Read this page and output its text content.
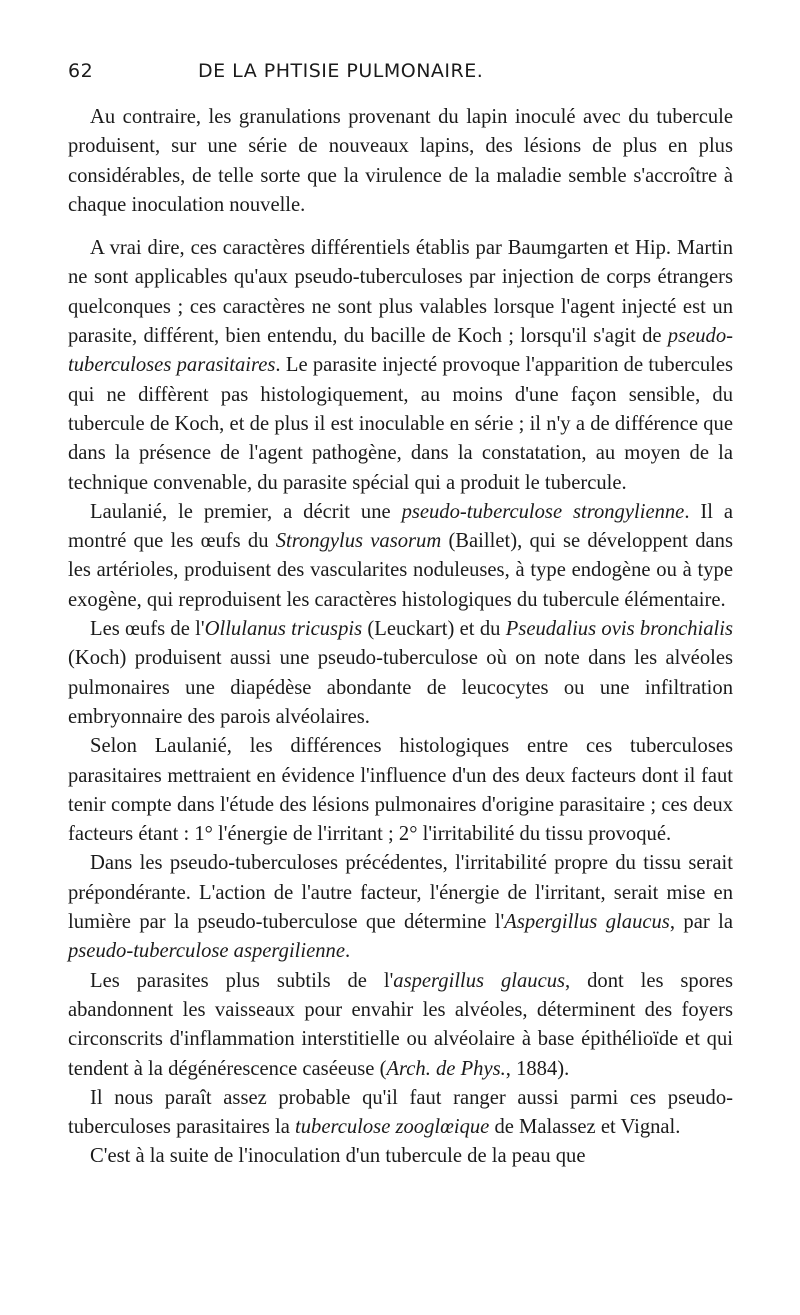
62	DE LA PHTISIE PULMONAIRE.

Au contraire, les granulations provenant du lapin inoculé avec du tubercule produisent, sur une série de nouveaux lapins, des lésions de plus en plus considérables, de telle sorte que la virulence de la maladie semble s'accroître à chaque inoculation nouvelle.

A vrai dire, ces caractères différentiels établis par Baumgarten et Hip. Martin ne sont applicables qu'aux pseudo-tuberculoses par injection de corps étrangers quelconques ; ces caractères ne sont plus valables lorsque l'agent injecté est un parasite, différent, bien entendu, du bacille de Koch ; lorsqu'il s'agit de pseudo-tuberculoses parasitaires. Le parasite injecté provoque l'apparition de tubercules qui ne diffèrent pas histologiquement, au moins d'une façon sensible, du tubercule de Koch, et de plus il est inoculable en série ; il n'y a de différence que dans la présence de l'agent pathogène, dans la constatation, au moyen de la technique convenable, du parasite spécial qui a produit le tubercule.

Laulanié, le premier, a décrit une pseudo-tuberculose strongylienne. Il a montré que les œufs du Strongylus vasorum (Baillet), qui se développent dans les artérioles, produisent des vascularites noduleuses, à type endogène ou à type exogène, qui reproduisent les caractères histologiques du tubercule élémentaire.

Les œufs de l'Ollulanus tricuspis (Leuckart) et du Pseudalius ovis bronchialis (Koch) produisent aussi une pseudo-tuberculose où on note dans les alvéoles pulmonaires une diapédèse abondante de leucocytes ou une infiltration embryonnaire des parois alvéolaires.

Selon Laulanié, les différences histologiques entre ces tuberculoses parasitaires mettraient en évidence l'influence d'un des deux facteurs dont il faut tenir compte dans l'étude des lésions pulmonaires d'origine parasitaire ; ces deux facteurs étant : 1° l'énergie de l'irritant ; 2° l'irritabilité du tissu provoqué.

Dans les pseudo-tuberculoses précédentes, l'irritabilité propre du tissu serait prépondérante. L'action de l'autre facteur, l'énergie de l'irritant, serait mise en lumière par la pseudo-tuberculose que détermine l'Aspergillus glaucus, par la pseudo-tuberculose aspergilienne.

Les parasites plus subtils de l'aspergillus glaucus, dont les spores abandonnent les vaisseaux pour envahir les alvéoles, déterminent des foyers circonscrits d'inflammation interstitielle ou alvéolaire à base épithélioïde et qui tendent à la dégénérescence caséeuse (Arch. de Phys., 1884).

Il nous paraît assez probable qu'il faut ranger aussi parmi ces pseudo-tuberculoses parasitaires la tuberculose zooglœique de Malassez et Vignal.

C'est à la suite de l'inoculation d'un tubercule de la peau que
